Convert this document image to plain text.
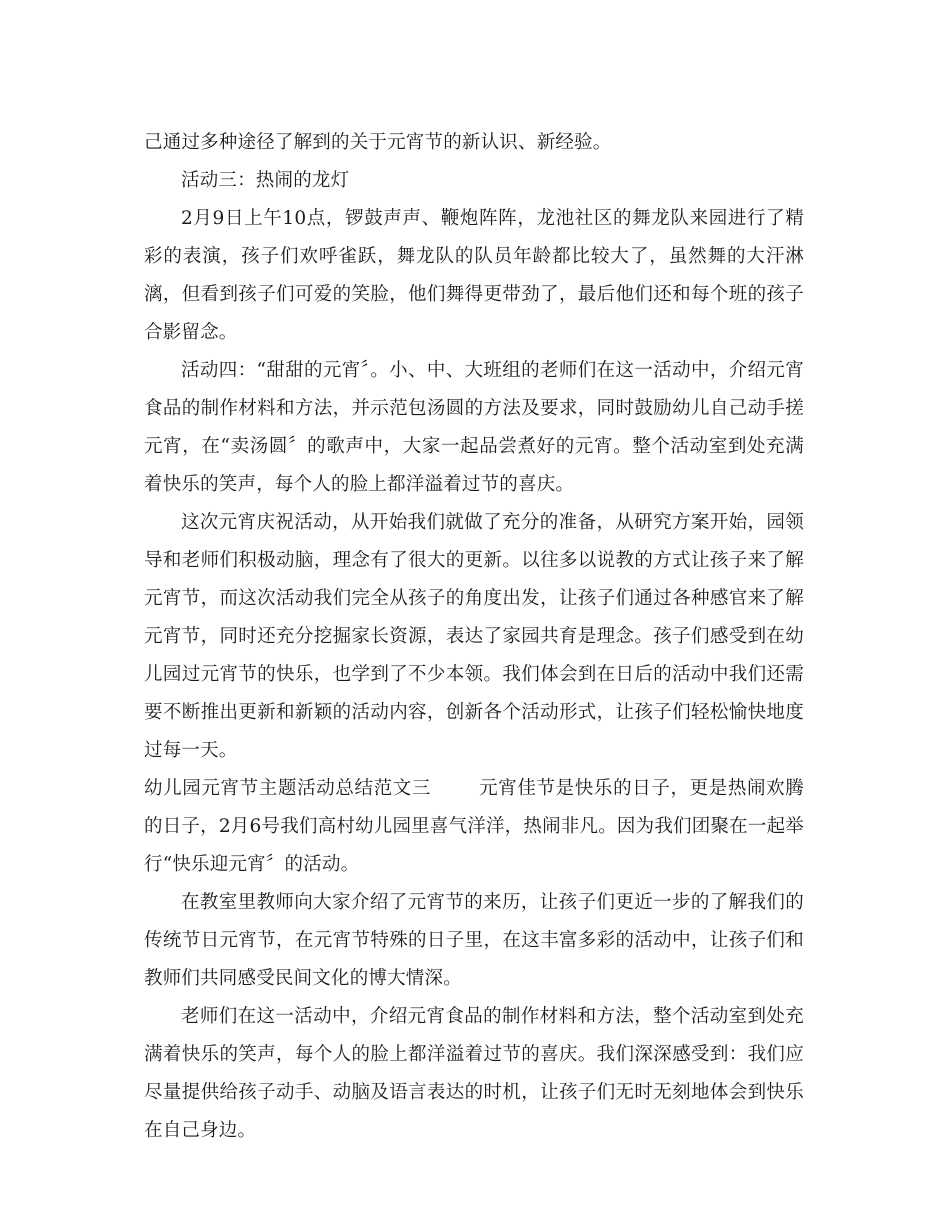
己通过多种途径了解到的关于元宵节的新认识、新经验。

活动三：热闹的龙灯

2月9日上午10点，锣鼓声声、鞭炮阵阵，龙池社区的舞龙队来园进行了精彩的表演，孩子们欢呼雀跃，舞龙队的队员年龄都比较大了，虽然舞的大汗淋漓，但看到孩子们可爱的笑脸，他们舞得更带劲了，最后他们还和每个班的孩子合影留念。

活动四：“甜甜的元宵〞。小、中、大班组的老师们在这一活动中，介绍元宵食品的制作材料和方法，并示范包汤圆的方法及要求，同时鼓励幼儿自己动手搓元宵，在“卖汤圆〞的歌声中，大家一起品尝煮好的元宵。整个活动室到处充满着快乐的笑声，每个人的脸上都洋溢着过节的喜庆。

这次元宵庆祝活动，从开始我们就做了充分的准备，从研究方案开始，园领导和老师们积极动脑，理念有了很大的更新。以往多以说教的方式让孩子来了解元宵节，而这次活动我们完全从孩子的角度出发，让孩子们通过各种感官来了解元宵节，同时还充分挖掘家长资源，表达了家园共育是理念。孩子们感受到在幼儿园过元宵节的快乐，也学到了不少本领。我们体会到在日后的活动中我们还需要不断推出更新和新颖的活动内容，创新各个活动形式，让孩子们轻松愉快地度过每一天。

幼儿园元宵节主题活动总结范文三	元宵佳节是快乐的日子，更是热闹欢腾的日子，2月6号我们高村幼儿园里喜气洋洋，热闹非凡。因为我们团聚在一起举行“快乐迎元宵〞的活动。

在教室里教师向大家介绍了元宵节的来历，让孩子们更近一步的了解我们的传统节日元宵节，在元宵节特殊的日子里，在这丰富多彩的活动中，让孩子们和教师们共同感受民间文化的博大情深。

老师们在这一活动中，介绍元宵食品的制作材料和方法，整个活动室到处充满着快乐的笑声，每个人的脸上都洋溢着过节的喜庆。我们深深感受到：我们应尽量提供给孩子动手、动脑及语言表达的时机，让孩子们无时无刻地体会到快乐在自己身边。
